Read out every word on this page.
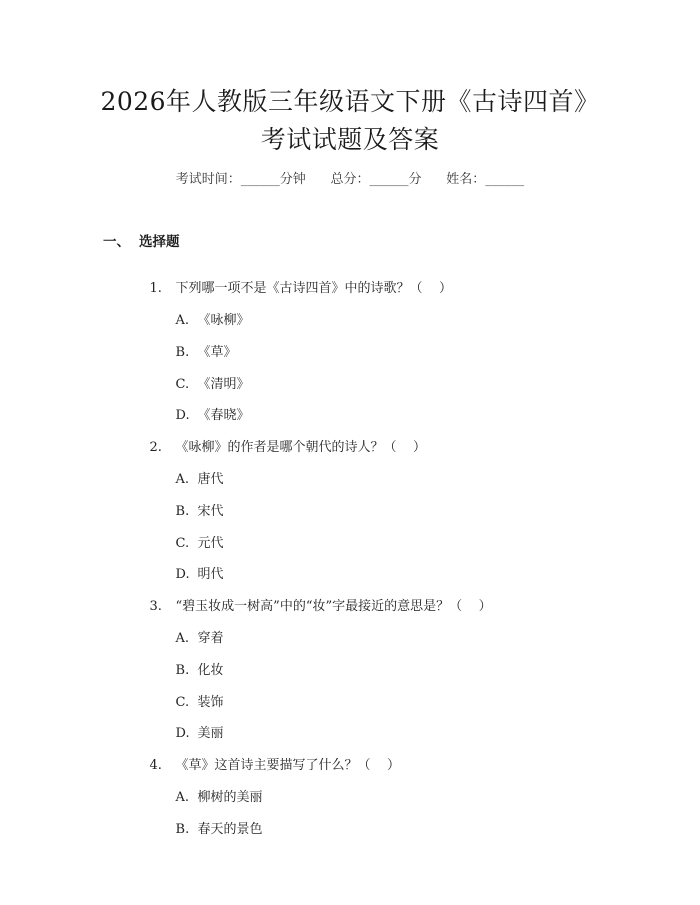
2026年人教版三年级语文下册《古诗四首》
考试试题及答案
考试时间：______分钟      总分：______分      姓名：______
一、 选择题

1. 下列哪一项不是《古诗四首》中的诗歌？（    ）

A. 《咏柳》

B. 《草》

C. 《清明》

D. 《春晓》

2. 《咏柳》的作者是哪个朝代的诗人？（    ）

A. 唐代

B. 宋代

C. 元代

D. 明代

3. “碧玉妆成一树高”中的“妆”字最接近的意思是？（    ）

A. 穿着

B. 化妆

C. 装饰

D. 美丽

4. 《草》这首诗主要描写了什么？（    ）

A. 柳树的美丽

B. 春天的景色
